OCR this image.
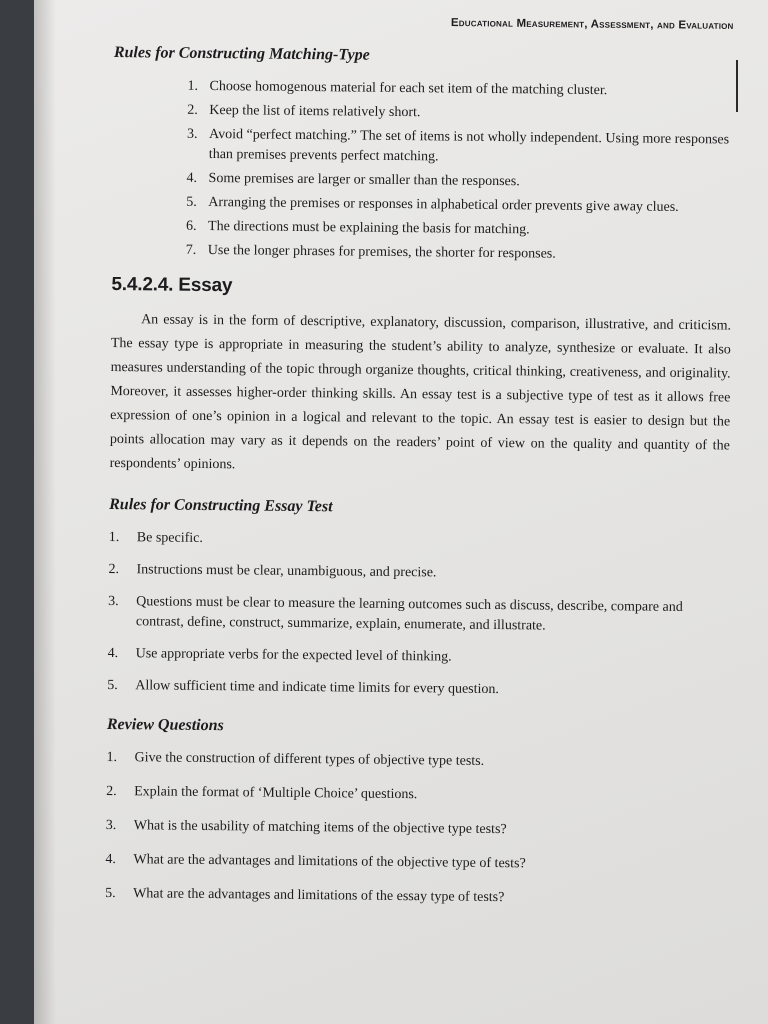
Educational Measurement, Assessment, and Evaluation
Rules for Constructing Matching-Type
1. Choose homogenous material for each set item of the matching cluster.
2. Keep the list of items relatively short.
3. Avoid “perfect matching.” The set of items is not wholly independent. Using more responses than premises prevents perfect matching.
4. Some premises are larger or smaller than the responses.
5. Arranging the premises or responses in alphabetical order prevents give away clues.
6. The directions must be explaining the basis for matching.
7. Use the longer phrases for premises, the shorter for responses.
5.4.2.4. Essay

An essay is in the form of descriptive, explanatory, discussion, comparison, illustrative, and criticism. The essay type is appropriate in measuring the student’s ability to analyze, synthesize or evaluate. It also measures understanding of the topic through organize thoughts, critical thinking, creativeness, and originality. Moreover, it assesses higher-order thinking skills. An essay test is a subjective type of test as it allows free expression of one’s opinion in a logical and relevant to the topic. An essay test is easier to design but the points allocation may vary as it depends on the readers’ point of view on the quality and quantity of the respondents’ opinions.

Rules for Constructing Essay Test
1.	Be specific.
2.	Instructions must be clear, unambiguous, and precise.
3.	Questions must be clear to measure the learning outcomes such as discuss, describe, compare and contrast, define, construct, summarize, explain, enumerate, and illustrate.
4.	Use appropriate verbs for the expected level of thinking.
5.	Allow sufficient time and indicate time limits for every question.
Review Questions
1.	Give the construction of different types of objective type tests.
2.	Explain the format of ‘Multiple Choice’ questions.
3.	What is the usability of matching items of the objective type tests?
4.	What are the advantages and limitations of the objective type of tests?
5.	What are the advantages and limitations of the essay type of tests?
